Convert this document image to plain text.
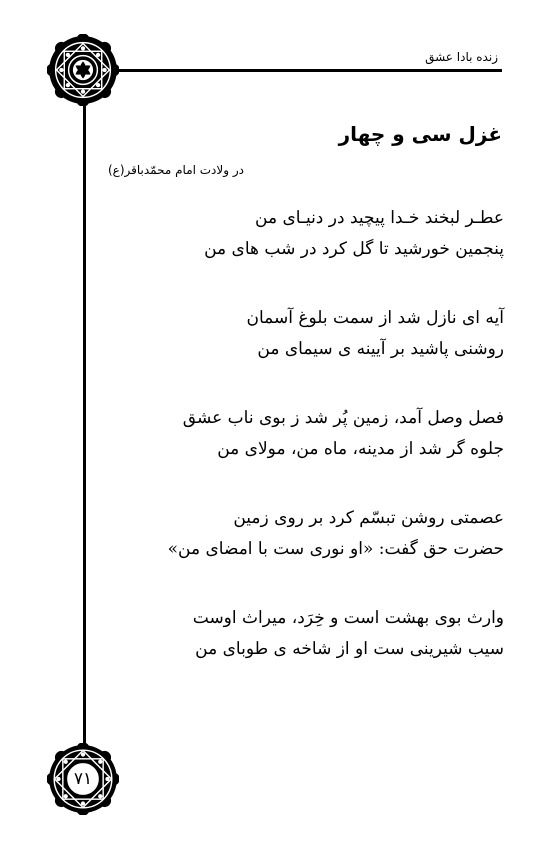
۷۱
زنده بادا عشق
غزل سی و چهار
در ولادت امام محمّدباقر(ع)
عطـر لبخند خـدا پیچید در دنیـای من
پنجمین خورشید تا گل کرد در شب های من
آیه ای نازل شد از سمت بلوغ آسمان
روشنی پاشید بر آیینه ی سیمای من
فصل وصل آمد، زمین پُر شد ز بوی ناب عشق
جلوه گر شد از مدینه، ماه من، مولای من
عصمتی روشن تبسّم کرد بر روی زمین
حضرت حق گفت: «او نوری ست با امضای من»
وارث بوی بهشت است و خِرَد، میراث اوست
سیب شیرینی ست او از شاخه ی طوبای من
